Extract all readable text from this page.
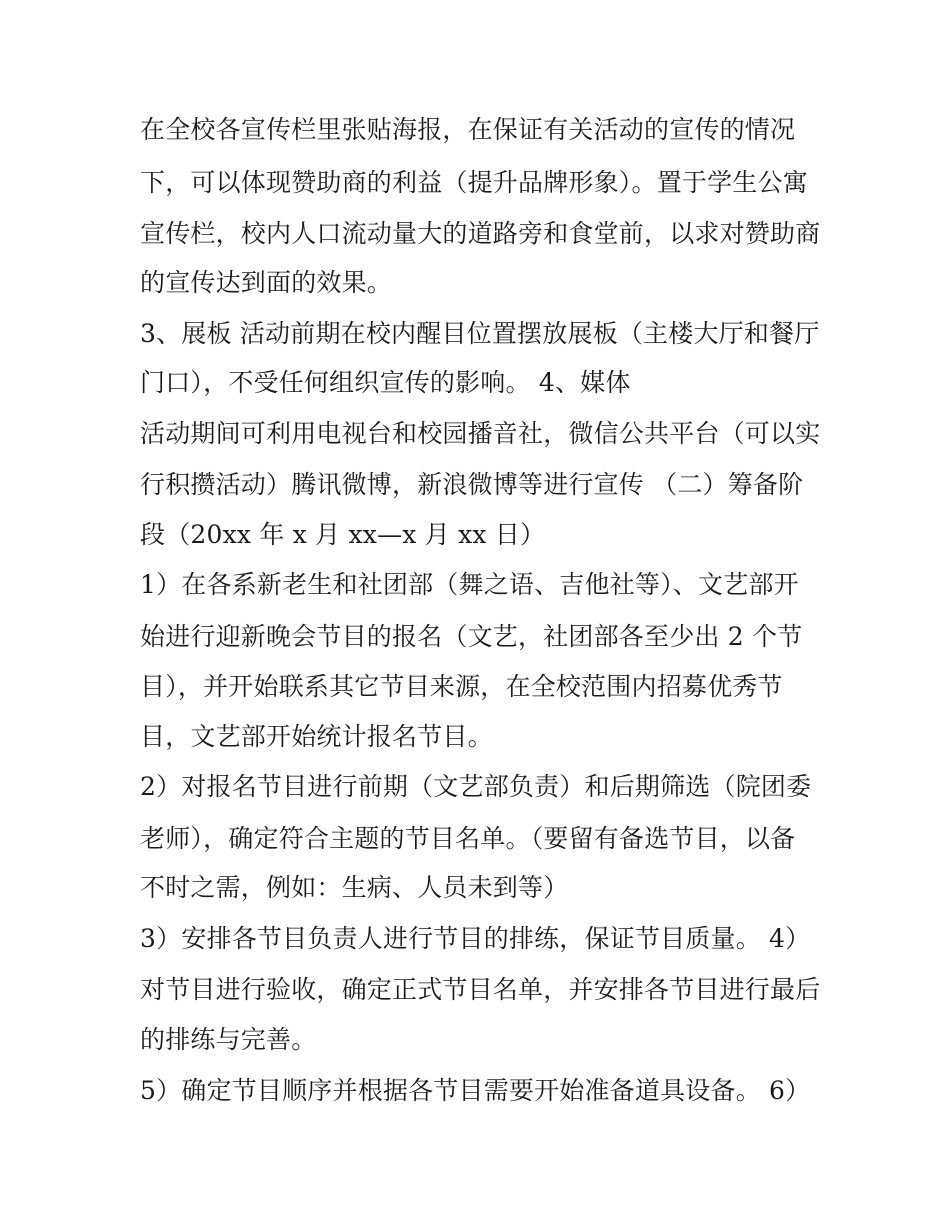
在全校各宣传栏里张贴海报，在保证有关活动的宣传的情况
下，可以体现赞助商的利益（提升品牌形象）。置于学生公寓
宣传栏，校内人口流动量大的道路旁和食堂前，以求对赞助商
的宣传达到面的效果。
3、展板 活动前期在校内醒目位置摆放展板（主楼大厅和餐厅
门口），不受任何组织宣传的影响。 4、媒体
活动期间可利用电视台和校园播音社，微信公共平台（可以实
行积攒活动）腾讯微博，新浪微博等进行宣传 （二）筹备阶
段（20xx 年 x 月 xx—x 月 xx 日）
1）在各系新老生和社团部（舞之语、吉他社等）、文艺部开
始进行迎新晚会节目的报名（文艺，社团部各至少出 2 个节
目），并开始联系其它节目来源，在全校范围内招募优秀节
目，文艺部开始统计报名节目。
2）对报名节目进行前期（文艺部负责）和后期筛选（院团委
老师），确定符合主题的节目名单。（要留有备选节目，以备
不时之需，例如：生病、人员未到等）
3）安排各节目负责人进行节目的排练，保证节目质量。 4）
对节目进行验收，确定正式节目名单，并安排各节目进行最后
的排练与完善。
5）确定节目顺序并根据各节目需要开始准备道具设备。 6）
